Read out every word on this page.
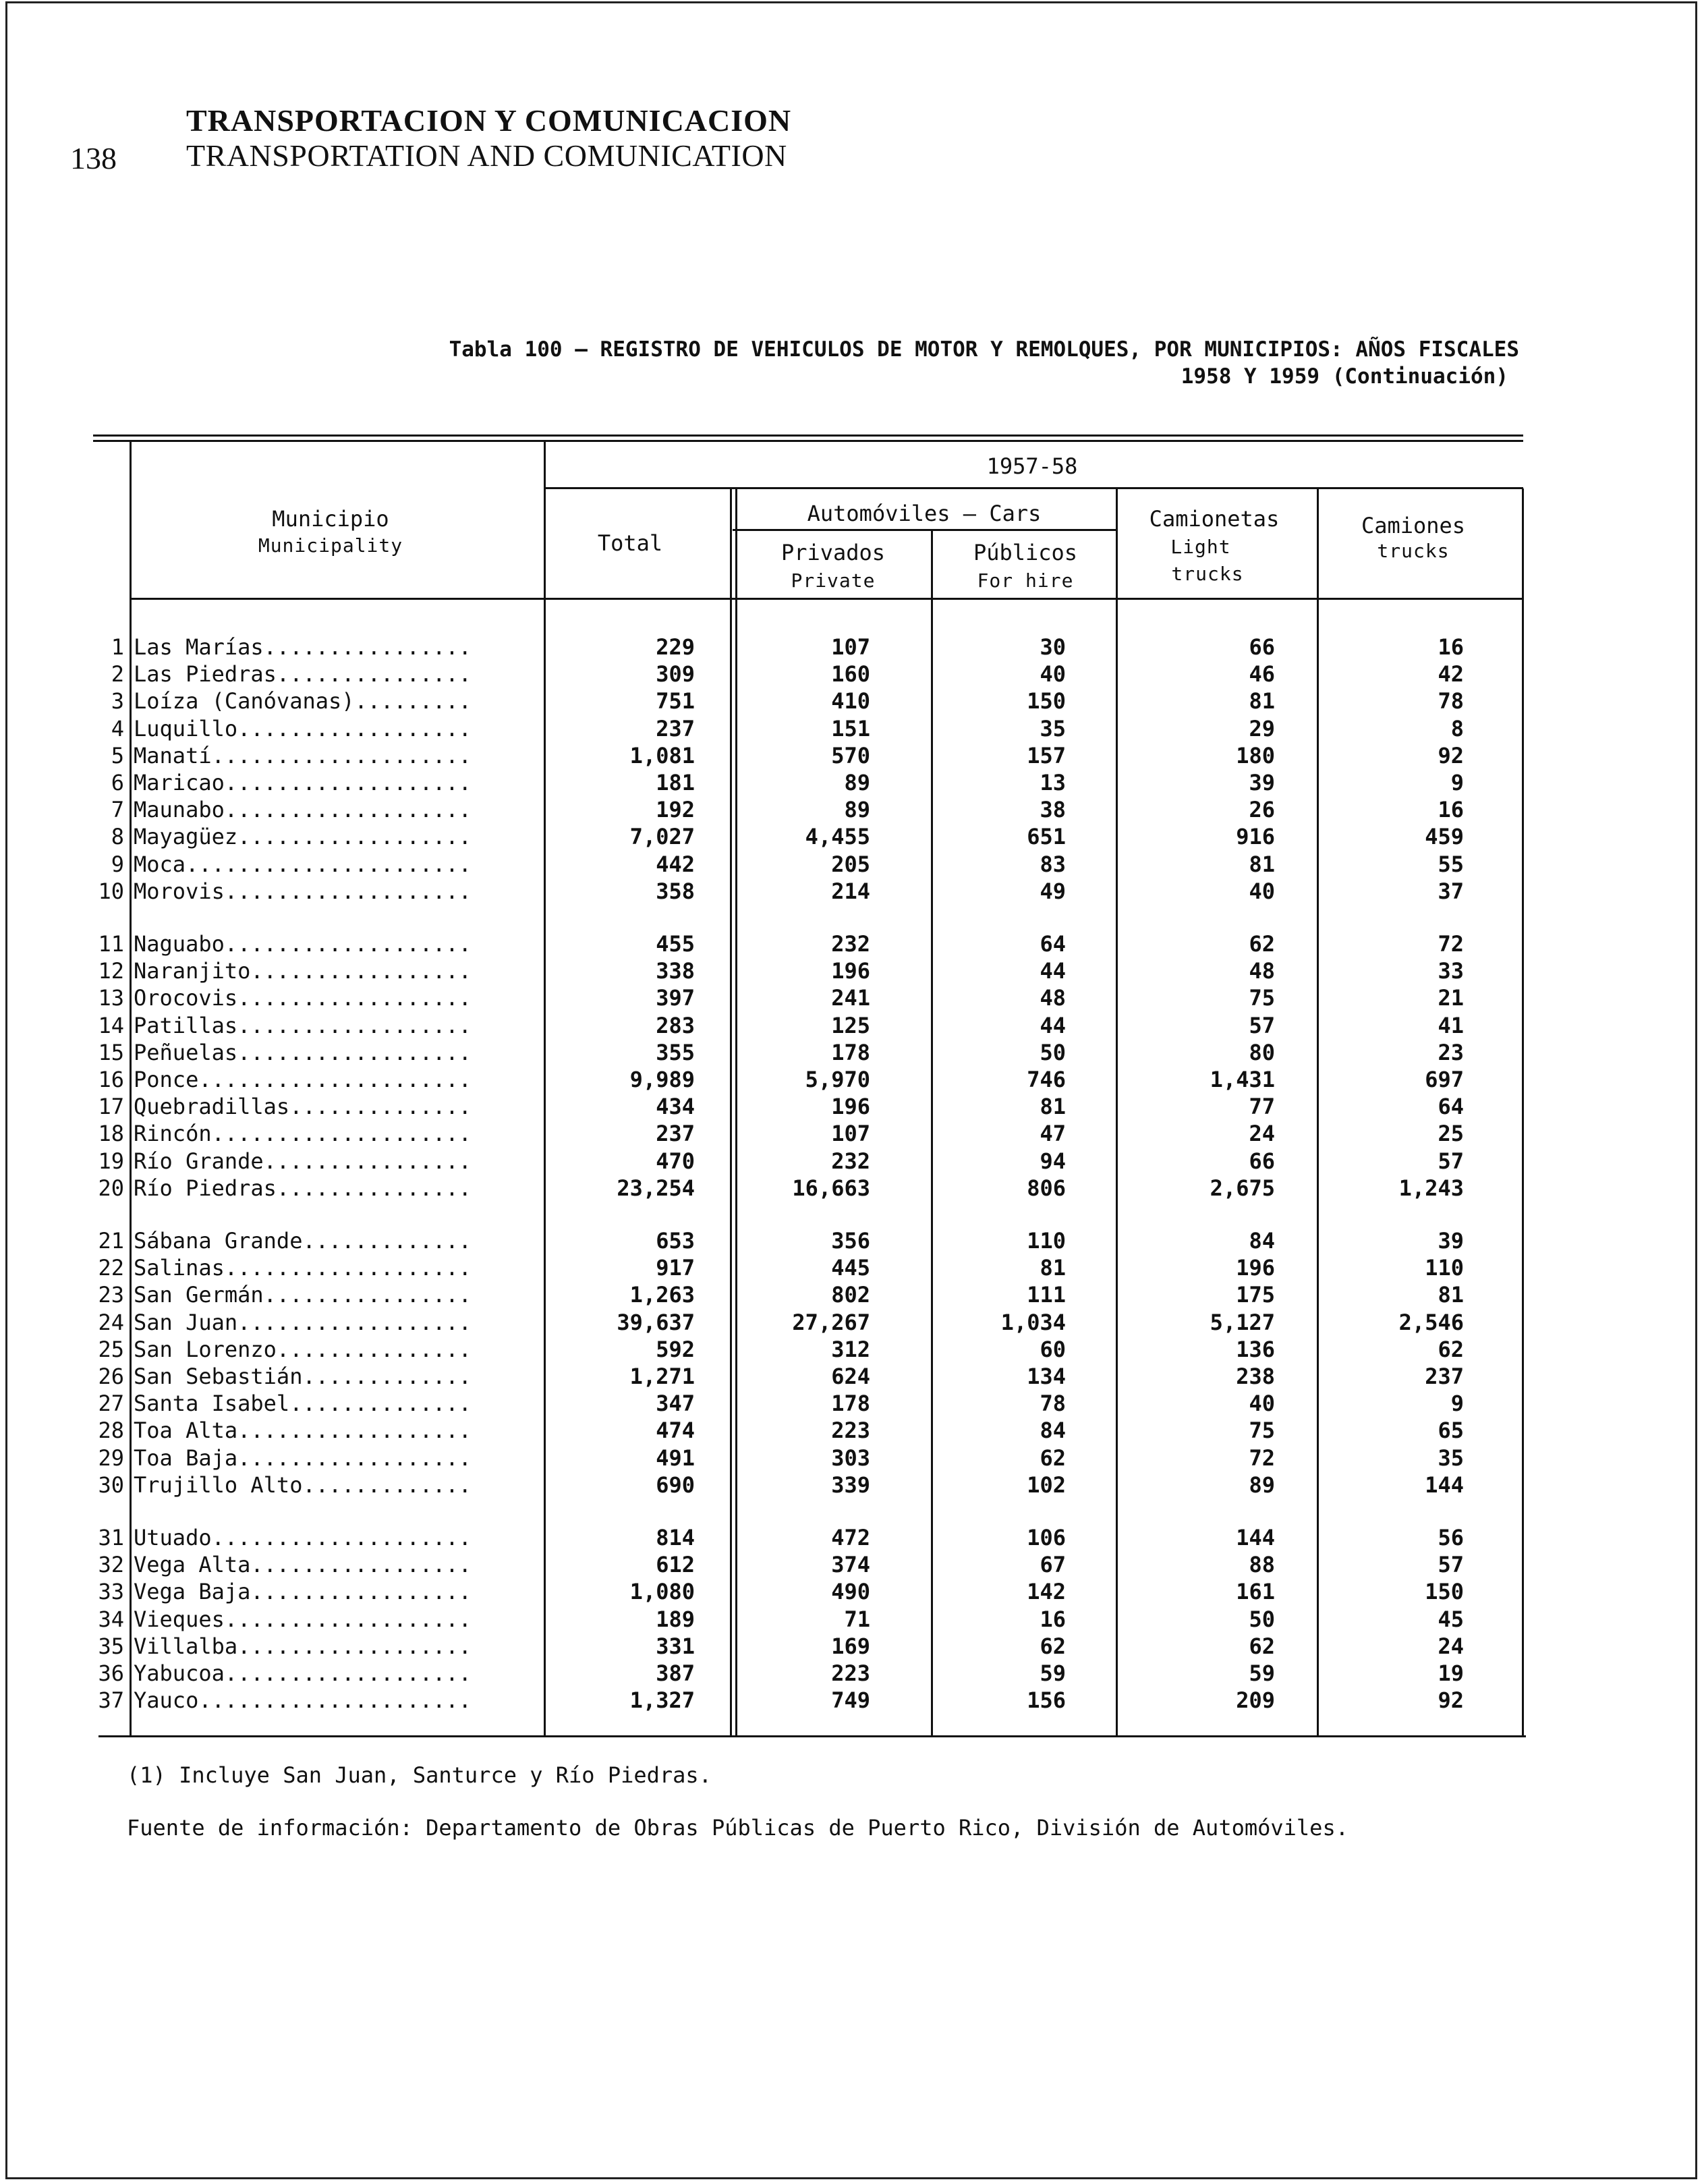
138
TRANSPORTACION Y COMUNICACION
TRANSPORTATION AND COMUNICATION
Tabla 100 – REGISTRO DE VEHICULOS DE MOTOR Y REMOLQUES, POR MUNICIPIOS: AÑOS FISCALES
1958 Y 1959 (Continuación)
1957-58
Municipio
Municipality	Total
Automóviles – Cars
Privados
Private
Públicos
For hire
Camionetas
Light
trucks
Camiones
trucks
1 Las Marías................	229	107	30	66	16
2 Las Piedras...............	309	160	40	46	42
3 Loíza (Canóvanas).........	751	410	150	81	78
4 Luquillo..................	237	151	35	29	8
5 Manatí....................	1,081	570	157	180	92
6 Maricao...................	181	89	13	39	9
7 Maunabo...................	192	89	38	26	16
8 Mayagüez..................	7,027	4,455	651	916	459
9 Moca......................	442	205	83	81	55
10 Morovis...................	358	214	49	40	37
11 Naguabo...................	455	232	64	62	72
12 Naranjito.................	338	196	44	48	33
13 Orocovis..................	397	241	48	75	21
14 Patillas..................	283	125	44	57	41
15 Peñuelas..................	355	178	50	80	23
16 Ponce.....................	9,989	5,970	746	1,431	697
17 Quebradillas..............	434	196	81	77	64
18 Rincón....................	237	107	47	24	25
19 Río Grande................	470	232	94	66	57
20 Río Piedras...............	23,254	16,663	806	2,675	1,243
21 Sábana Grande.............	653	356	110	84	39
22 Salinas...................	917	445	81	196	110
23 San Germán................	1,263	802	111	175	81
24 San Juan..................	39,637	27,267	1,034	5,127	2,546
25 San Lorenzo...............	592	312	60	136	62
26 San Sebastián.............	1,271	624	134	238	237
27 Santa Isabel..............	347	178	78	40	9
28 Toa Alta..................	474	223	84	75	65
29 Toa Baja..................	491	303	62	72	35
30 Trujillo Alto.............	690	339	102	89	144
31 Utuado....................	814	472	106	144	56
32 Vega Alta.................	612	374	67	88	57
33 Vega Baja.................	1,080	490	142	161	150
34 Vieques...................	189	71	16	50	45
35 Villalba..................	331	169	62	62	24
36 Yabucoa...................	387	223	59	59	19
37 Yauco.....................	1,327	749	156	209	92
(1) Incluye San Juan, Santurce y Río Piedras.
Fuente de información: Departamento de Obras Públicas de Puerto Rico, División de Automóviles.
